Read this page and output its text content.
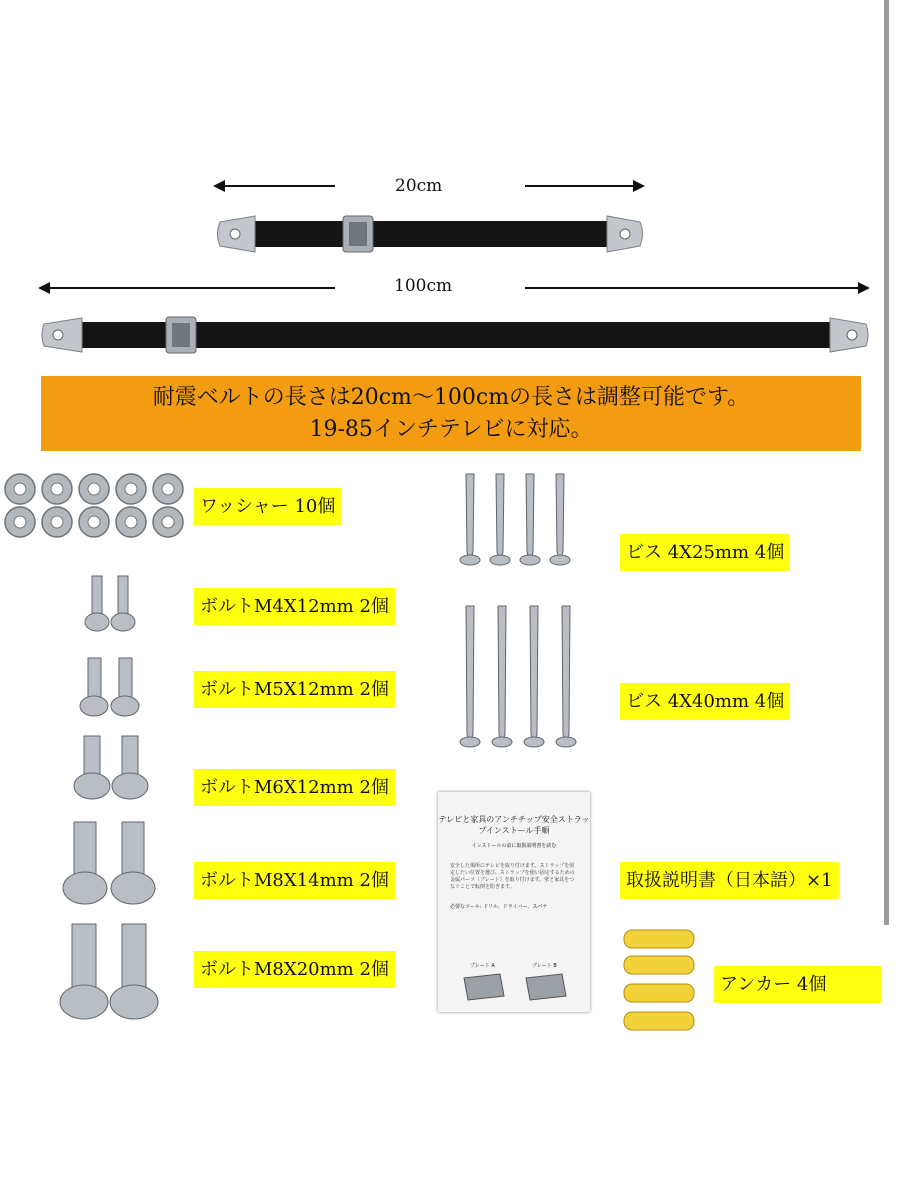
20cm
100cm
耐震ベルトの長さは20cm〜100cmの長さは調整可能です。
19-85インチテレビに対応。
ワッシャー 10個
ボルトM4X12mm 2個
ボルトM5X12mm 2個
ボルトM6X12mm 2個
ボルトM8X14mm 2個
ボルトM8X20mm 2個
ビス 4X25mm 4個
ビス 4X40mm 4個
テレビと家具のアンチチップ安全ストラップインストール手順
インストールの前に取扱説明書を読む
安全した場所にテレビを取り付けます。ストラップを固定したい位置を選び、ストラップを使い固定するための金属パーツ（プレート）を取り付けます。壁と家具をつなぐことで転倒を防ぎます。
必要なツール: ドリル、ドライバー、スパナ
プレート A	プレート B
取扱説明書（日本語）×1
アンカー 4個
